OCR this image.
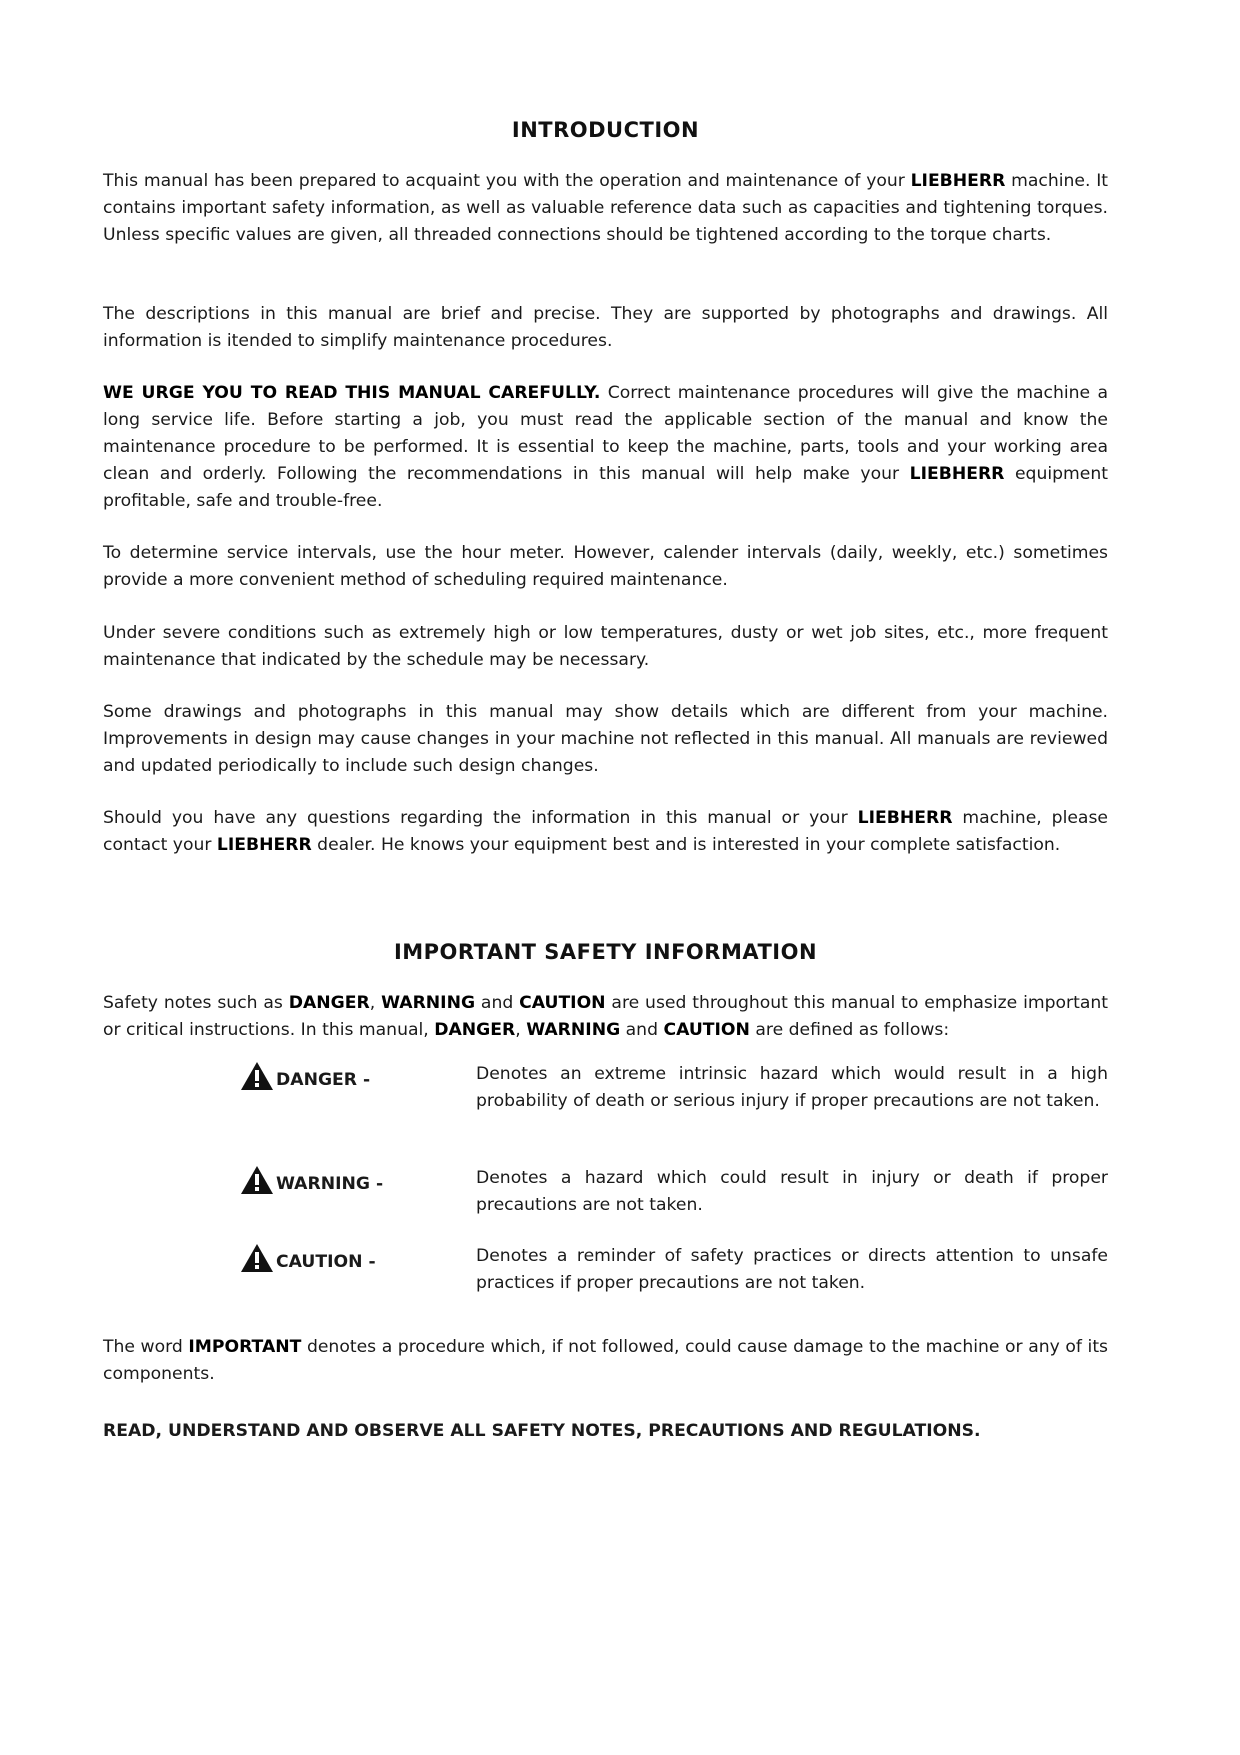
INTRODUCTION

This manual has been prepared to acquaint you with the operation and maintenance of your LIEBHERR machine. It contains important safety information, as well as valuable reference data such as capacities and tightening torques. Unless specific values are given, all threaded connections should be tightened according to the torque charts.

The descriptions in this manual are brief and precise. They are supported by photographs and drawings. All information is itended to simplify maintenance procedures.

WE URGE YOU TO READ THIS MANUAL CAREFULLY. Correct maintenance procedures will give the machine a long service life. Before starting a job, you must read the applicable section of the manual and know the maintenance procedure to be performed. It is essential to keep the machine, parts, tools and your working area clean and orderly. Following the recommendations in this manual will help make your LIEBHERR equipment profitable, safe and trouble-free.

To determine service intervals, use the hour meter. However, calender intervals (daily, weekly, etc.) sometimes provide a more convenient method of scheduling required maintenance.

Under severe conditions such as extremely high or low temperatures, dusty or wet job sites, etc., more frequent maintenance that indicated by the schedule may be necessary.

Some drawings and photographs in this manual may show details which are different from your machine. Improvements in design may cause changes in your machine not reflected in this manual. All manuals are reviewed and updated periodically to include such design changes.

Should you have any questions regarding the information in this manual or your LIEBHERR machine, please contact your LIEBHERR dealer. He knows your equipment best and is interested in your complete satisfaction.

IMPORTANT SAFETY INFORMATION

Safety notes such as DANGER, WARNING and CAUTION are used throughout this manual to emphasize important or critical instructions. In this manual, DANGER, WARNING and CAUTION are defined as follows:

DANGER -	Denotes an extreme intrinsic hazard which would result in a high probability of death or serious injury if proper precautions are not taken.

WARNING -	Denotes a hazard which could result in injury or death if proper precautions are not taken.

CAUTION -	Denotes a reminder of safety practices or directs attention to unsafe practices if proper precautions are not taken.

The word IMPORTANT denotes a procedure which, if not followed, could cause damage to the machine or any of its components.

READ, UNDERSTAND AND OBSERVE ALL SAFETY NOTES, PRECAUTIONS AND REGULATIONS.
